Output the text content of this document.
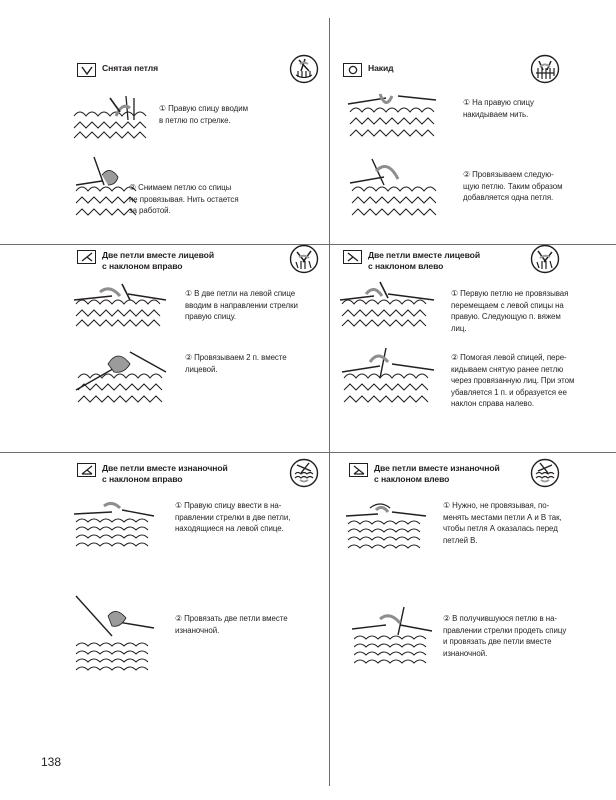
Снятая петля
① Правую спицу вводим
в петлю по стрелке.
② Снимаем петлю со спицы
не провязывая. Нить остается
за работой.
Накид
① На правую спицу
накидываем нить.
② Провязываем следую-
щую петлю. Таким образом
добавляется одна петля.
Две петли вместе лицевой
с наклоном вправо
① В две петли на левой спице
вводим в направлении стрелки
правую спицу.
② Провязываем 2 п. вместе
лицевой.
Две петли вместе лицевой
с наклоном влево
① Первую петлю не провязывая
перемещаем с левой спицы на
правую. Следующую п. вяжем
лиц.
② Помогая левой спицей, пере-
кидываем снятую ранее петлю
через провязанную лиц. При этом
убавляется 1 п. и образуется ее
наклон справа налево.
Две петли вместе изнаночной
с наклоном вправо
① Правую спицу ввести в на-
правлении стрелки в две петли,
находящиеся на левой спице.
② Провязать две петли вместе
изнаночной.
Две петли вместе изнаночной
с наклоном влево
① Нужно, не провязывая, по-
менять местами петли А и В так,
чтобы петля А оказалась перед
петлей В.
② В получившуюся петлю в на-
правлении стрелки продеть спицу
и провязать две петли вместе
изнаночной.
138
